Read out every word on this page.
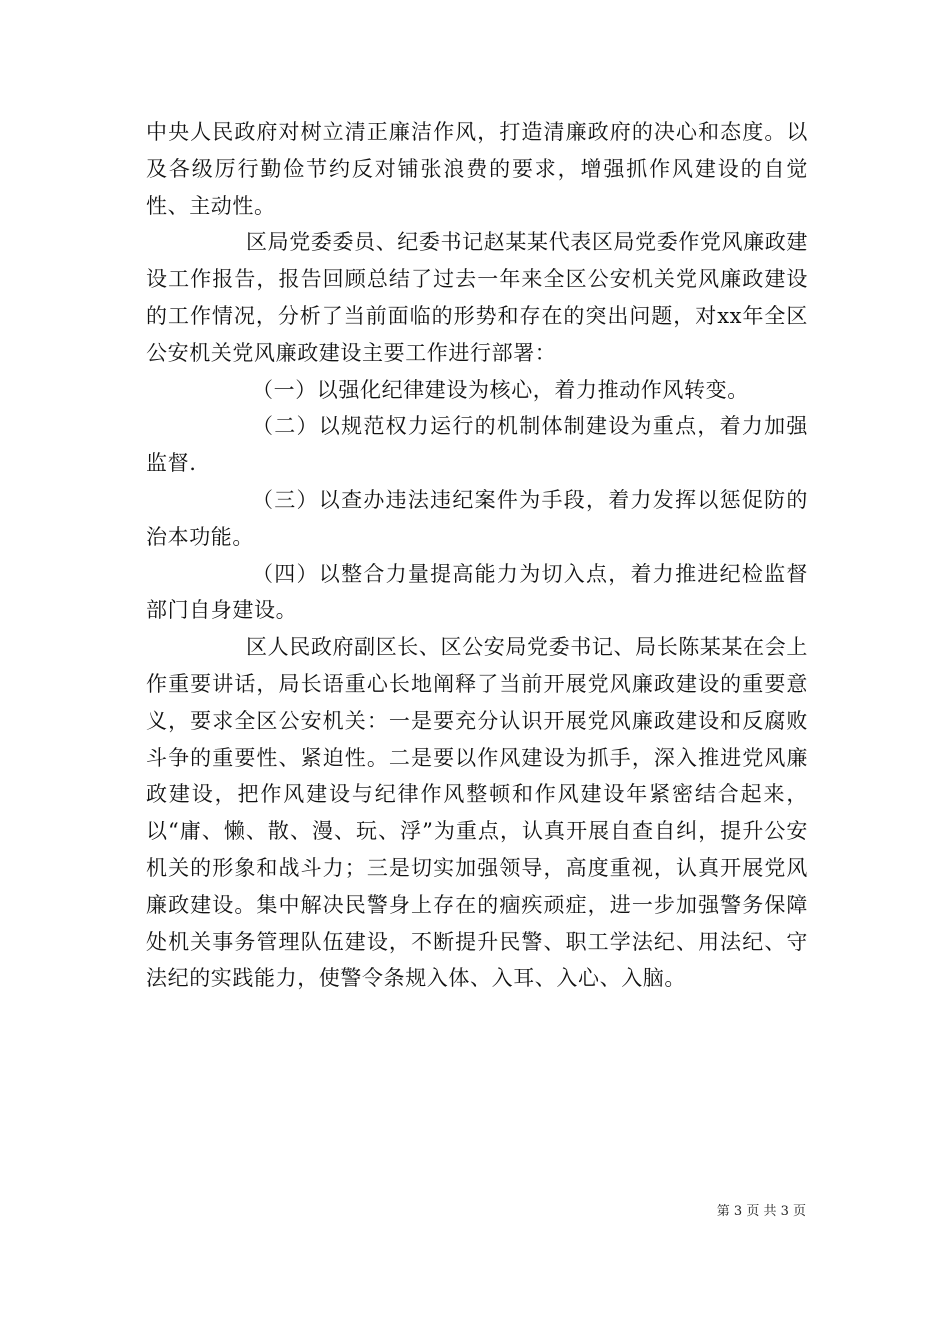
中央人民政府对树立清正廉洁作风，打造清廉政府的决心和态度。以及各级厉行勤俭节约反对铺张浪费的要求，增强抓作风建设的自觉性、主动性。

区局党委委员、纪委书记赵某某代表区局党委作党风廉政建设工作报告，报告回顾总结了过去一年来全区公安机关党风廉政建设的工作情况，分析了当前面临的形势和存在的突出问题，对xx年全区公安机关党风廉政建设主要工作进行部署：

（一）以强化纪律建设为核心，着力推动作风转变。

（二）以规范权力运行的机制体制建设为重点，着力加强监督.

（三）以查办违法违纪案件为手段，着力发挥以惩促防的治本功能。

（四）以整合力量提高能力为切入点，着力推进纪检监督部门自身建设。

区人民政府副区长、区公安局党委书记、局长陈某某在会上作重要讲话，局长语重心长地阐释了当前开展党风廉政建设的重要意义，要求全区公安机关：一是要充分认识开展党风廉政建设和反腐败斗争的重要性、紧迫性。二是要以作风建设为抓手，深入推进党风廉政建设，把作风建设与纪律作风整顿和作风建设年紧密结合起来，以“庸、懒、散、漫、玩、浮”为重点，认真开展自查自纠，提升公安机关的形象和战斗力；三是切实加强领导，高度重视，认真开展党风廉政建设。集中解决民警身上存在的痼疾顽症，进一步加强警务保障处机关事务管理队伍建设，不断提升民警、职工学法纪、用法纪、守法纪的实践能力，使警令条规入体、入耳、入心、入脑。

第 3 页 共 3 页
